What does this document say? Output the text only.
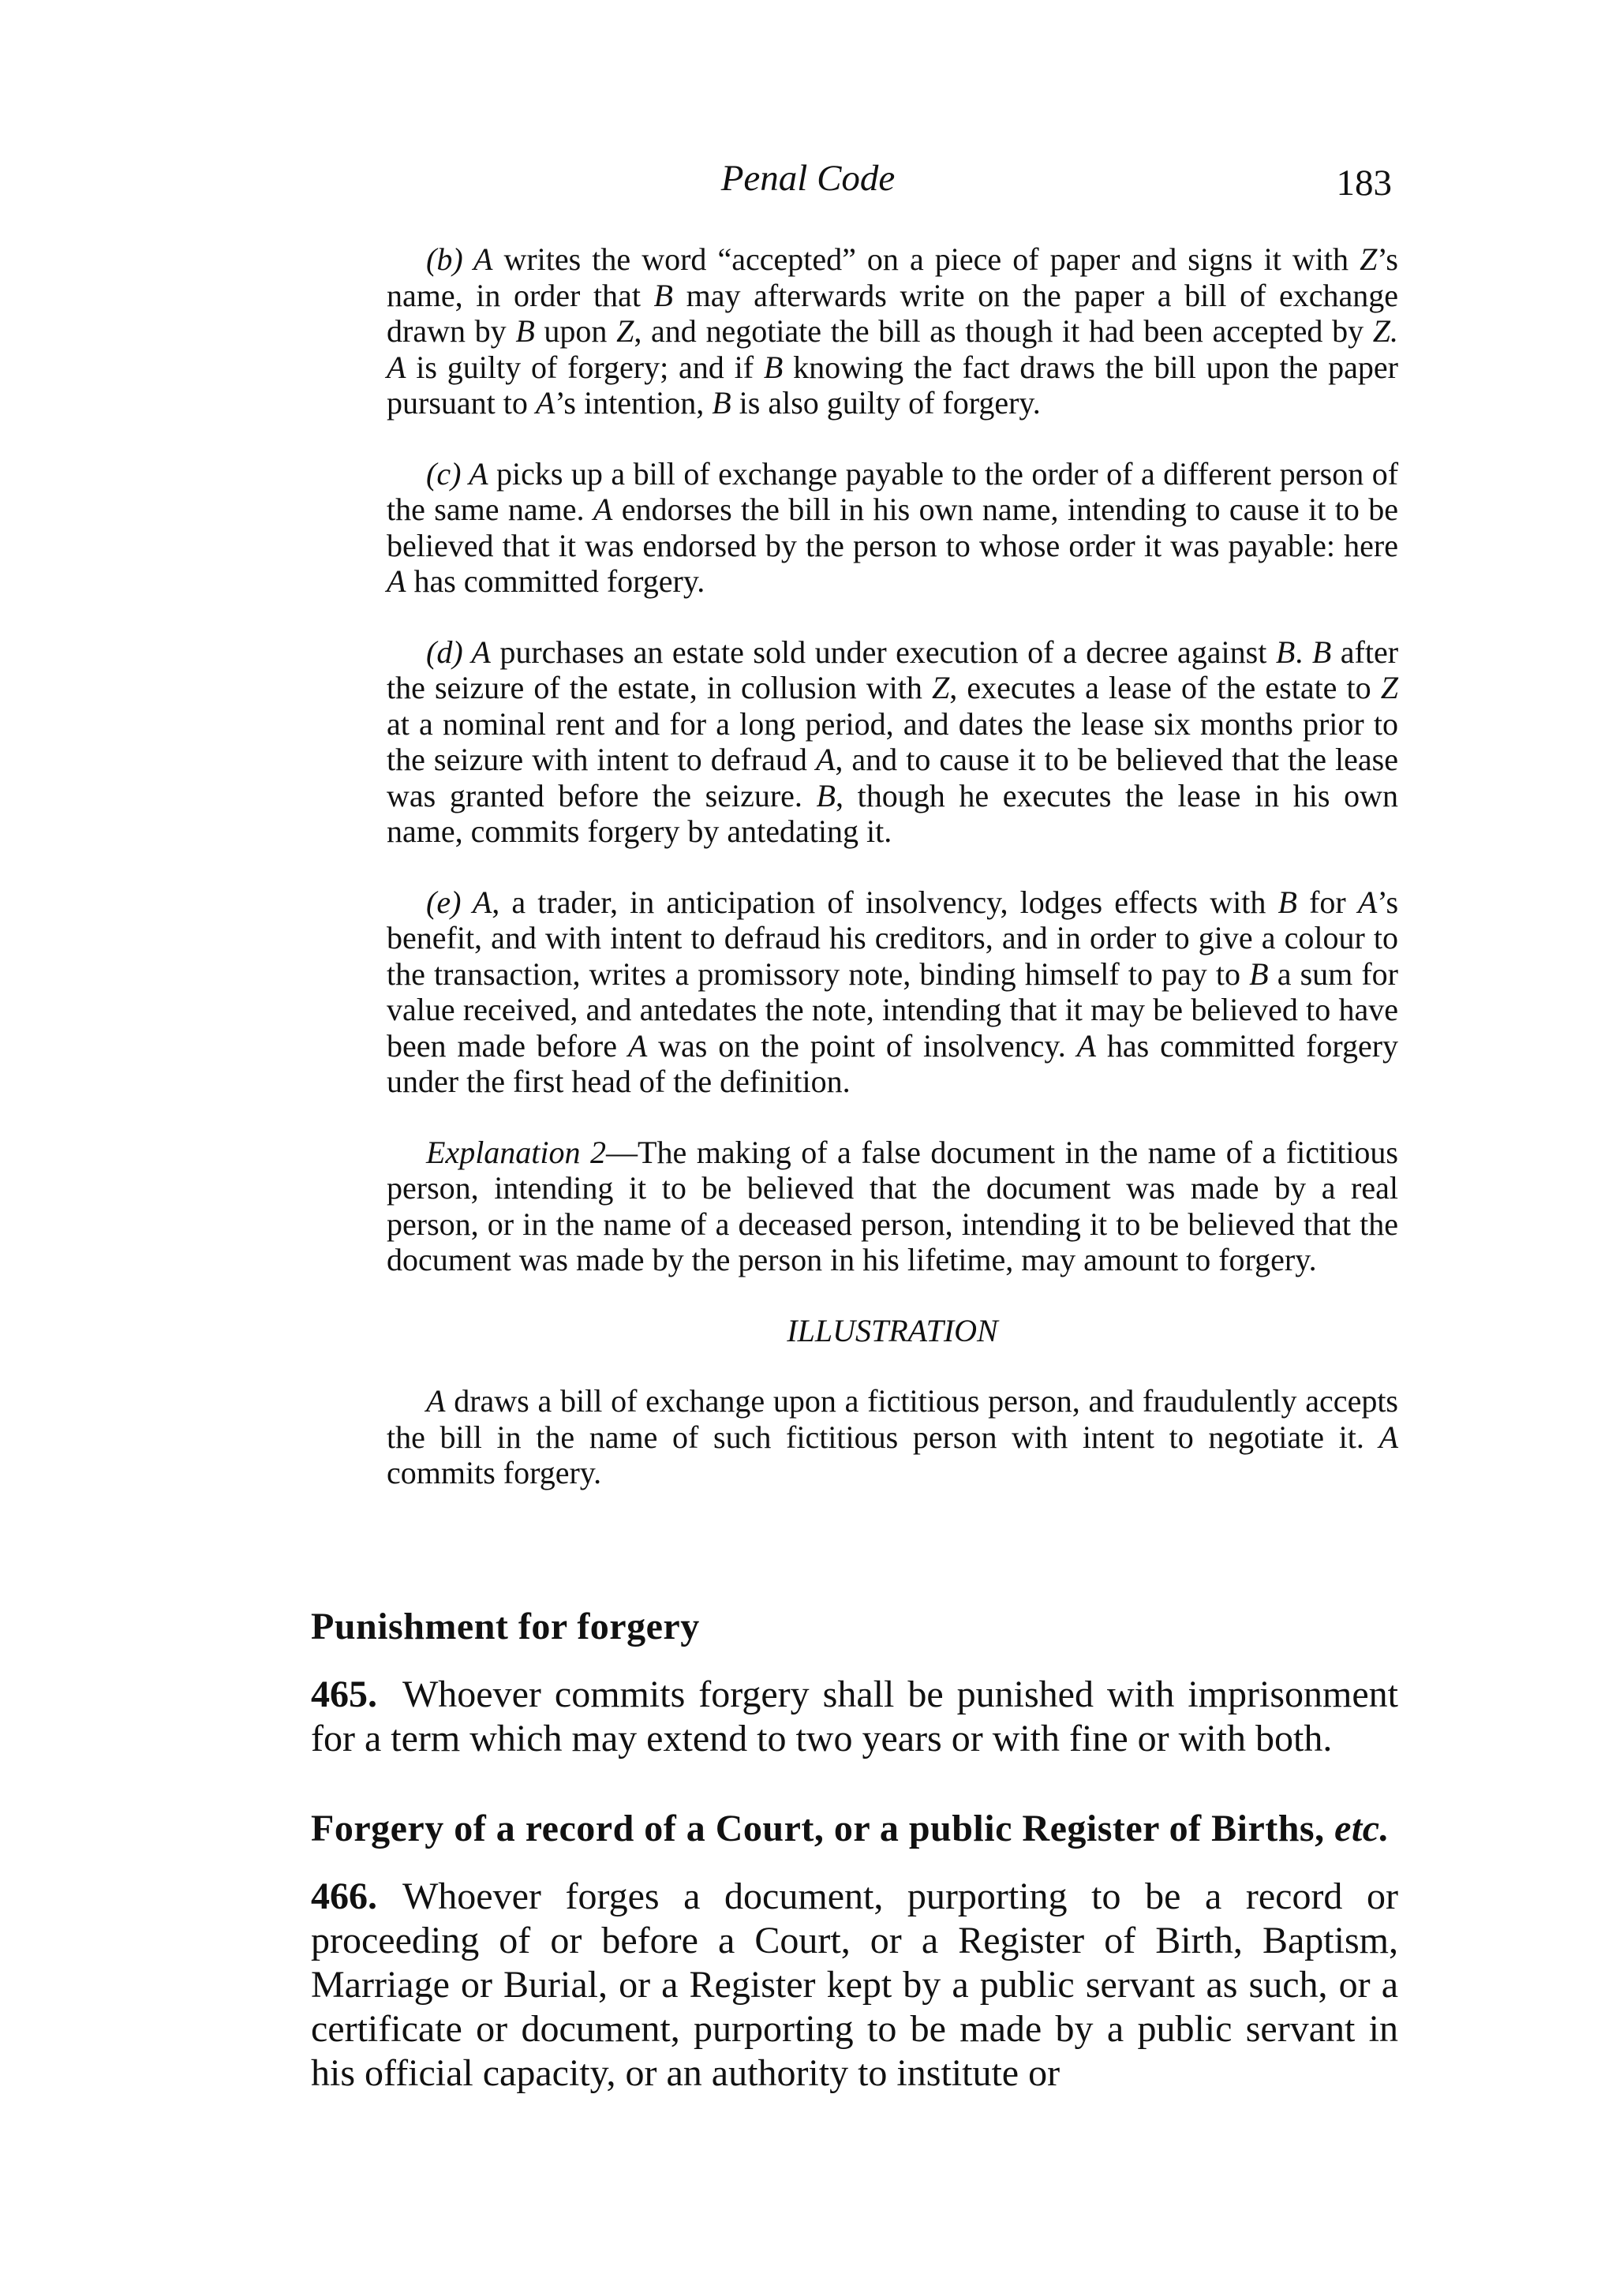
Penal Code	183

(b) A writes the word “accepted” on a piece of paper and signs it with Z’s name, in order that B may afterwards write on the paper a bill of exchange drawn by B upon Z, and negotiate the bill as though it had been accepted by Z. A is guilty of forgery; and if B knowing the fact draws the bill upon the paper pursuant to A’s intention, B is also guilty of forgery.

(c) A picks up a bill of exchange payable to the order of a different person of the same name. A endorses the bill in his own name, intending to cause it to be believed that it was endorsed by the person to whose order it was payable: here A has committed forgery.

(d) A purchases an estate sold under execution of a decree against B. B after the seizure of the estate, in collusion with Z, executes a lease of the estate to Z at a nominal rent and for a long period, and dates the lease six months prior to the seizure with intent to defraud A, and to cause it to be believed that the lease was granted before the seizure. B, though he executes the lease in his own name, commits forgery by antedating it.

(e) A, a trader, in anticipation of insolvency, lodges effects with B for A’s benefit, and with intent to defraud his creditors, and in order to give a colour to the transaction, writes a promissory note, binding himself to pay to B a sum for value received, and antedates the note, intending that it may be believed to have been made before A was on the point of insolvency. A has committed forgery under the first head of the definition.

Explanation 2—The making of a false document in the name of a fictitious person, intending it to be believed that the document was made by a real person, or in the name of a deceased person, intending it to be believed that the document was made by the person in his lifetime, may amount to forgery.

ILLUSTRATION

A draws a bill of exchange upon a fictitious person, and fraudulently accepts the bill in the name of such fictitious person with intent to negotiate it. A commits forgery.

Punishment for forgery

465. Whoever commits forgery shall be punished with imprisonment for a term which may extend to two years or with fine or with both.

Forgery of a record of a Court, or a public Register of Births, etc.

466. Whoever forges a document, purporting to be a record or proceeding of or before a Court, or a Register of Birth, Baptism, Marriage or Burial, or a Register kept by a public servant as such, or a certificate or document, purporting to be made by a public servant in his official capacity, or an authority to institute or
